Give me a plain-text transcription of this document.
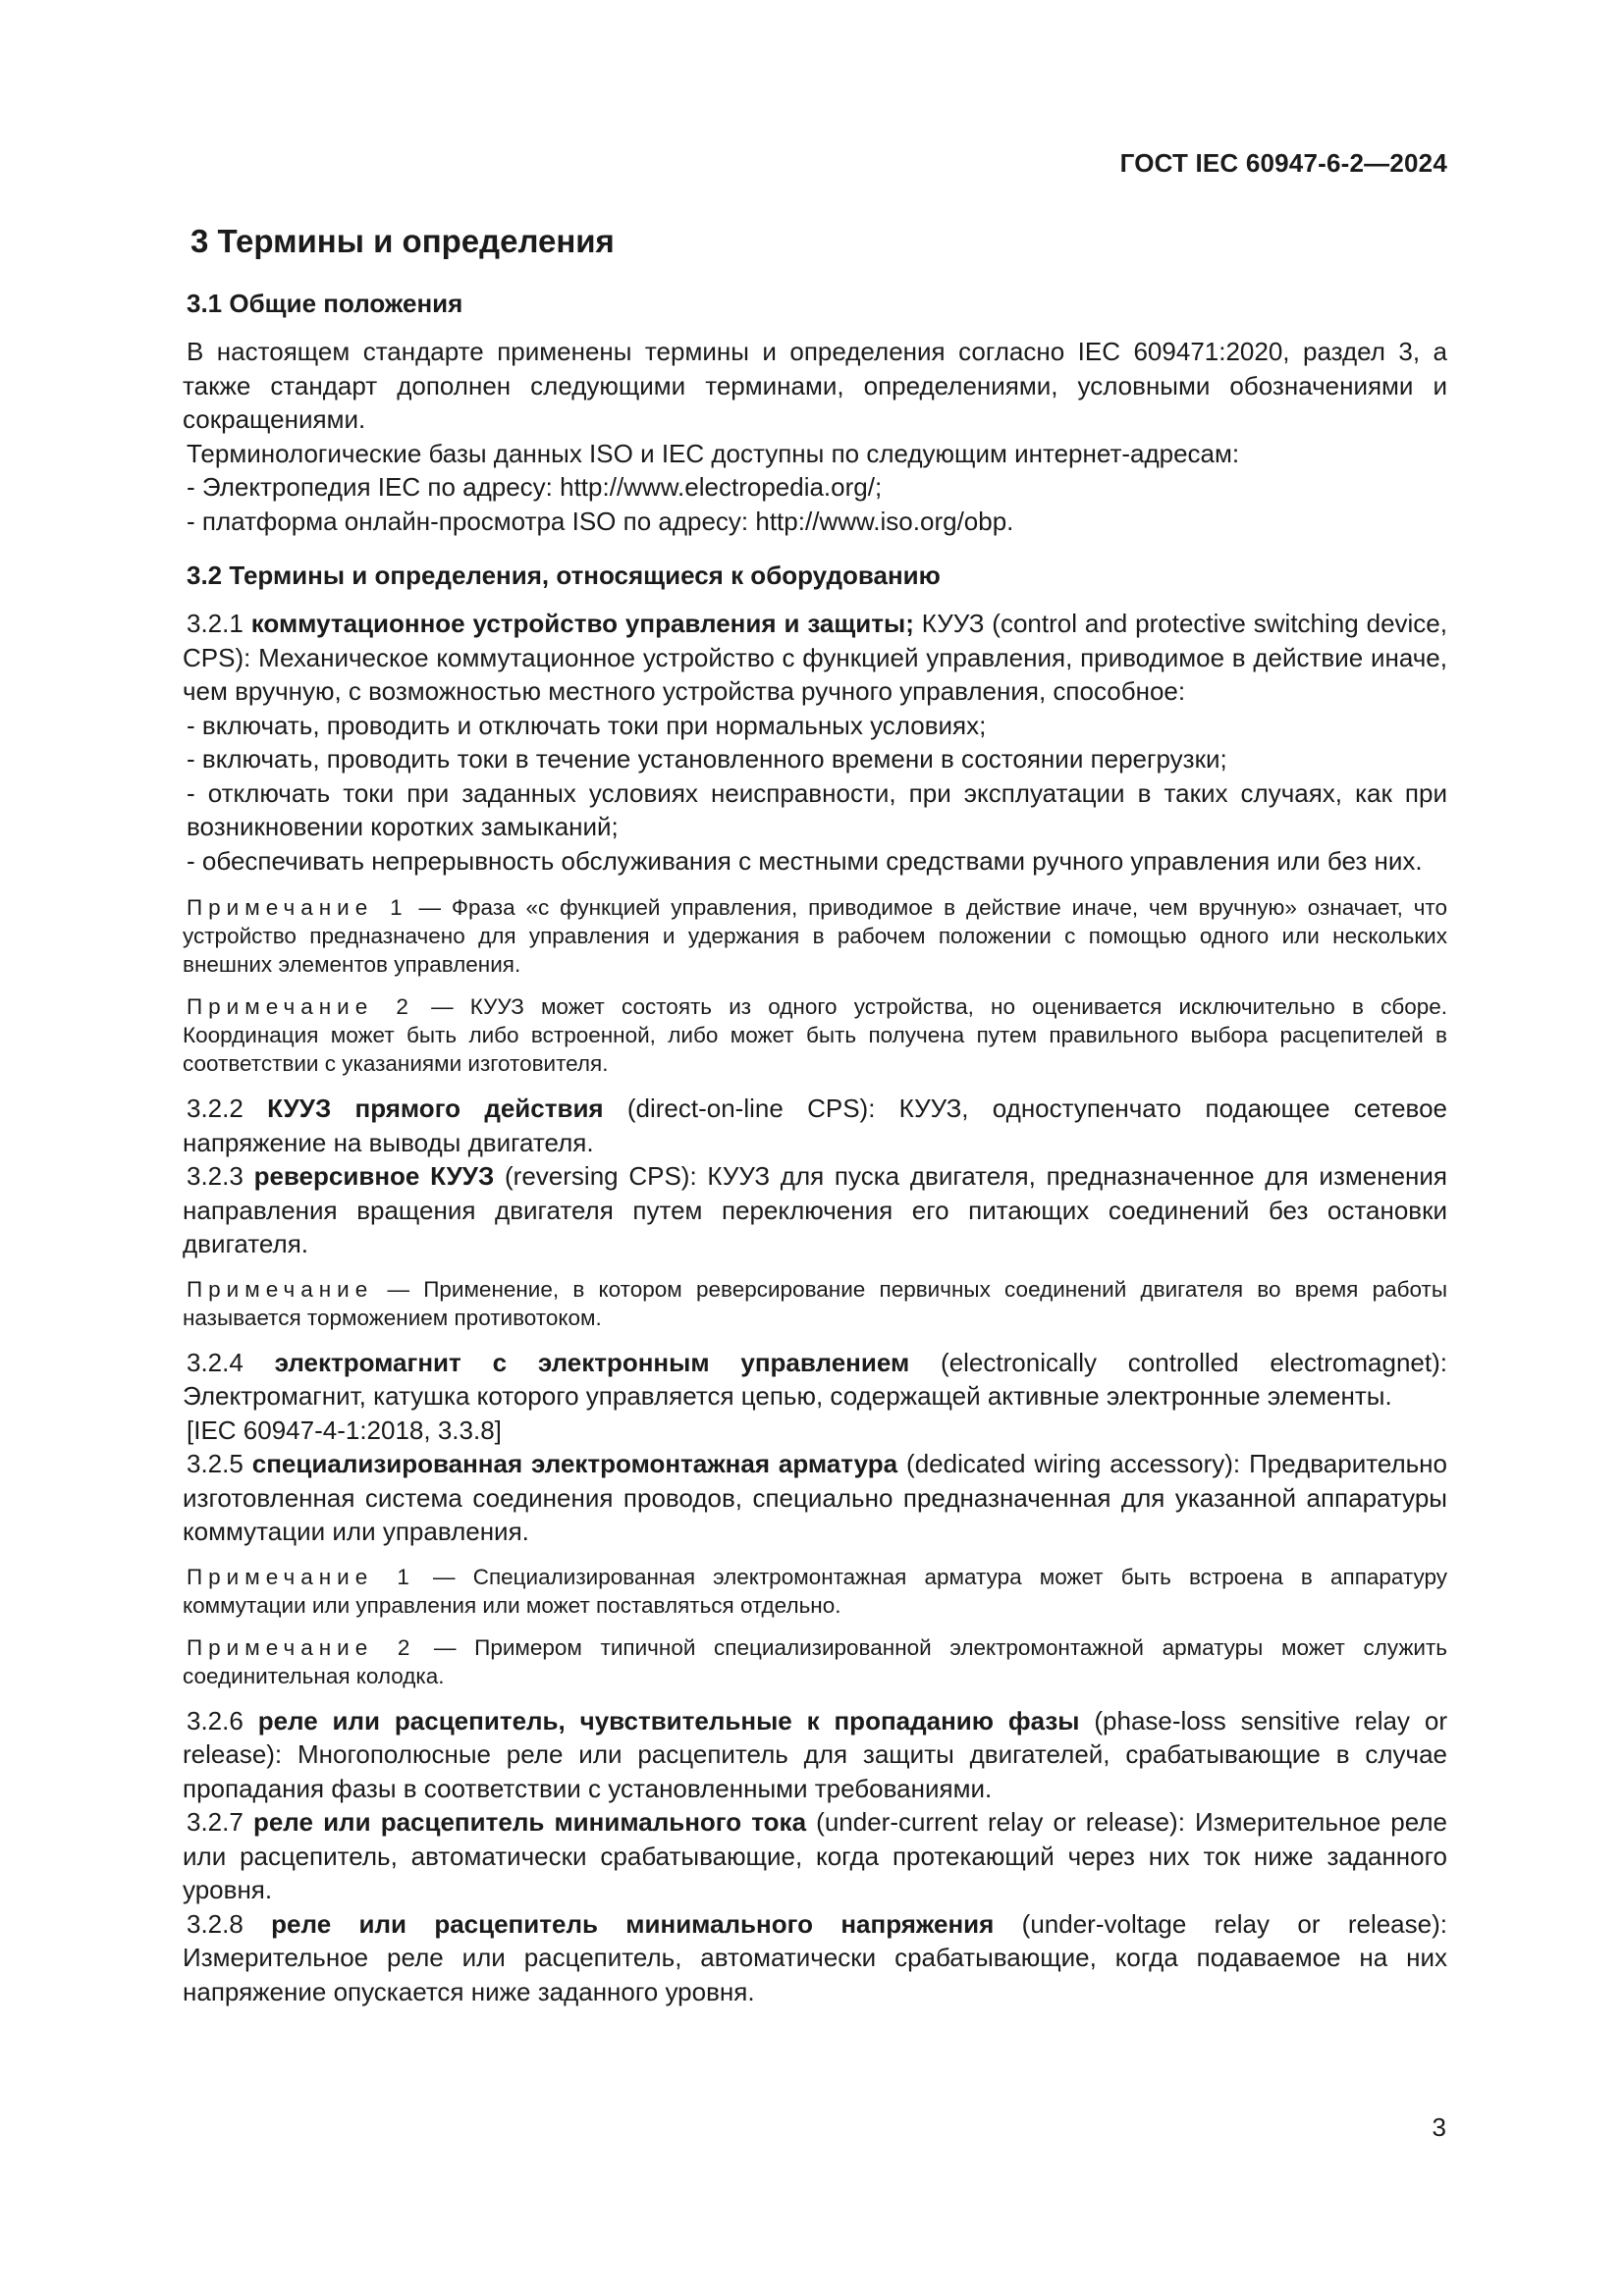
ГОСТ IEC 60947-6-2—2024
3 Термины и определения
3.1 Общие положения

В настоящем стандарте применены термины и определения согласно IEC 609471:2020, раздел 3, а также стандарт дополнен следующими терминами, определениями, условными обозначениями и сокращениями.

Терминологические базы данных ISO и IEC доступны по следующим интернет-адресам:

- Электропедия IEC по адресу: http://www.electropedia.org/;

- платформа онлайн-просмотра ISO по адресу: http://www.iso.org/obp.

3.2 Термины и определения, относящиеся к оборудованию

3.2.1 коммутационное устройство управления и защиты; КУУЗ (control and protective switching device, CPS): Механическое коммутационное устройство с функцией управления, приводимое в действие иначе, чем вручную, с возможностью местного устройства ручного управления, способное:

- включать, проводить и отключать токи при нормальных условиях;

- включать, проводить токи в течение установленного времени в состоянии перегрузки;

- отключать токи при заданных условиях неисправности, при эксплуатации в таких случаях, как при возникновении коротких замыканий;

- обеспечивать непрерывность обслуживания с местными средствами ручного управления или без них.

Примечание 1 — Фраза «с функцией управления, приводимое в действие иначе, чем вручную» означает, что устройство предназначено для управления и удержания в рабочем положении с помощью одного или нескольких внешних элементов управления.

Примечание 2 — КУУЗ может состоять из одного устройства, но оценивается исключительно в сборе. Координация может быть либо встроенной, либо может быть получена путем правильного выбора расцепителей в соответствии с указаниями изготовителя.

3.2.2 КУУЗ прямого действия (direct-on-line CPS): КУУЗ, одноступенчато подающее сетевое напряжение на выводы двигателя.

3.2.3 реверсивное КУУЗ (reversing CPS): КУУЗ для пуска двигателя, предназначенное для изменения направления вращения двигателя путем переключения его питающих соединений без остановки двигателя.

Примечание — Применение, в котором реверсирование первичных соединений двигателя во время работы называется торможением противотоком.

3.2.4 электромагнит с электронным управлением (electronically controlled electromagnet): Электромагнит, катушка которого управляется цепью, содержащей активные электронные элементы.

[IEC 60947-4-1:2018, 3.3.8]

3.2.5 специализированная электромонтажная арматура (dedicated wiring accessory): Предварительно изготовленная система соединения проводов, специально предназначенная для указанной аппаратуры коммутации или управления.

Примечание 1 — Специализированная электромонтажная арматура может быть встроена в аппаратуру коммутации или управления или может поставляться отдельно.

Примечание 2 — Примером типичной специализированной электромонтажной арматуры может служить соединительная колодка.

3.2.6 реле или расцепитель, чувствительные к пропаданию фазы (phase-loss sensitive relay or release): Многополюсные реле или расцепитель для защиты двигателей, срабатывающие в случае пропадания фазы в соответствии с установленными требованиями.

3.2.7 реле или расцепитель минимального тока (under-current relay or release): Измерительное реле или расцепитель, автоматически срабатывающие, когда протекающий через них ток ниже заданного уровня.

3.2.8 реле или расцепитель минимального напряжения (under-voltage relay or release): Измерительное реле или расцепитель, автоматически срабатывающие, когда подаваемое на них напряжение опускается ниже заданного уровня.

3
